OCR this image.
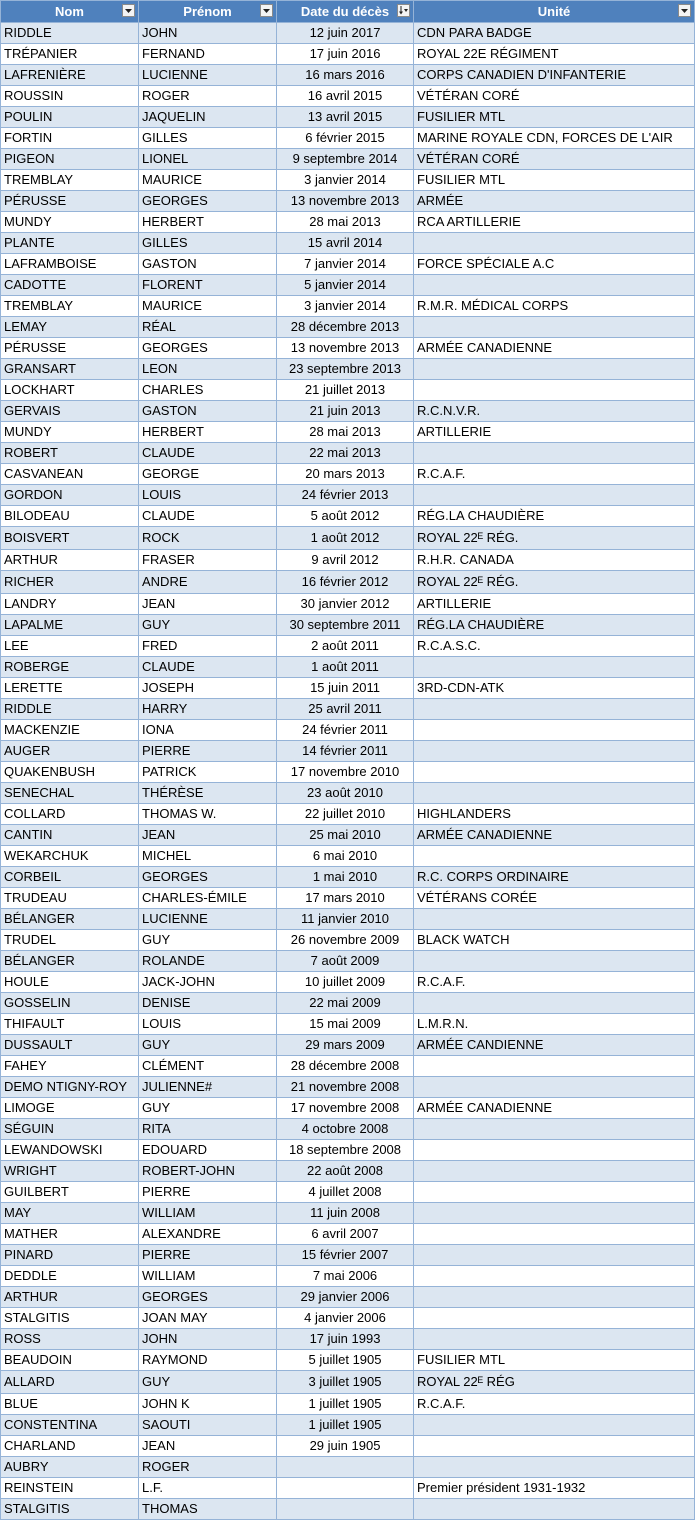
Nom	Prénom	Date du décès	Unité

RIDDLE	JOHN	12 juin 2017	CDN PARA BADGE
TRÉPANIER	FERNAND	17 juin 2016	ROYAL 22E RÉGIMENT
LAFRENIÈRE	LUCIENNE	16 mars 2016	CORPS CANADIEN D'INFANTERIE
ROUSSIN	ROGER	16 avril 2015	VÉTÉRAN CORÉ
POULIN	JAQUELIN	13 avril 2015	FUSILIER MTL
FORTIN	GILLES	6 février 2015	MARINE ROYALE CDN, FORCES DE L'AIR
PIGEON	LIONEL	9 septembre 2014	VÉTÉRAN CORÉ
TREMBLAY	MAURICE	3 janvier 2014	FUSILIER MTL
PÉRUSSE	GEORGES	13 novembre 2013	ARMÉE
MUNDY	HERBERT	28 mai 2013	RCA ARTILLERIE
PLANTE	GILLES	15 avril 2014	
LAFRAMBOISE	GASTON	7 janvier 2014	FORCE SPÉCIALE A.C
CADOTTE	FLORENT	5 janvier 2014	
TREMBLAY	MAURICE	3 janvier 2014	R.M.R. MÉDICAL CORPS
LEMAY	RÉAL	28 décembre 2013	
PÉRUSSE	GEORGES	13 novembre 2013	ARMÉE CANADIENNE
GRANSART	LEON	23 septembre 2013	
LOCKHART	CHARLES	21 juillet 2013	
GERVAIS	GASTON	21 juin 2013	R.C.N.V.R.
MUNDY	HERBERT	28 mai 2013	ARTILLERIE
ROBERT	CLAUDE	22 mai 2013	
CASVANEAN	GEORGE	20 mars 2013	R.C.A.F.
GORDON	LOUIS	24 février 2013	
BILODEAU	CLAUDE	5 août 2012	RÉG.LA CHAUDIÈRE
BOISVERT	ROCK	1 août 2012	ROYAL 22ᴱ RÉG.
ARTHUR	FRASER	9 avril 2012	R.H.R. CANADA
RICHER	ANDRE	16 février 2012	ROYAL 22ᴱ RÉG.
LANDRY	JEAN	30 janvier 2012	ARTILLERIE
LAPALME	GUY	30 septembre 2011	RÉG.LA CHAUDIÈRE
LEE	FRED	2 août 2011	R.C.A.S.C.
ROBERGE	CLAUDE	1 août 2011	
LERETTE	JOSEPH	15 juin 2011	3RD-CDN-ATK
RIDDLE	HARRY	25 avril 2011	
MACKENZIE	IONA	24 février 2011	
AUGER	PIERRE	14 février 2011	
QUAKENBUSH	PATRICK	17 novembre 2010	
SENECHAL	THÉRÈSE	23 août 2010	
COLLARD	THOMAS W.	22 juillet 2010	HIGHLANDERS
CANTIN	JEAN	25 mai 2010	ARMÉE CANADIENNE
WEKARCHUK	MICHEL	6 mai 2010	
CORBEIL	GEORGES	1 mai 2010	R.C. CORPS ORDINAIRE
TRUDEAU	CHARLES-ÉMILE	17 mars 2010	VÉTÉRANS CORÉE
BÉLANGER	LUCIENNE	11 janvier 2010	
TRUDEL	GUY	26 novembre 2009	BLACK WATCH
BÉLANGER	ROLANDE	7 août 2009	
HOULE	JACK-JOHN	10 juillet 2009	R.C.A.F.
GOSSELIN	DENISE	22 mai 2009	
THIFAULT	LOUIS	15 mai 2009	L.M.R.N.
DUSSAULT	GUY	29 mars 2009	ARMÉE CANDIENNE
FAHEY	CLÉMENT	28 décembre 2008	
DEMO NTIGNY-ROY	JULIENNE#	21 novembre 2008	
LIMOGE	GUY	17 novembre 2008	ARMÉE CANADIENNE
SÉGUIN	RITA	4 octobre 2008	
LEWANDOWSKI	EDOUARD	18 septembre 2008	
WRIGHT	ROBERT-JOHN	22 août 2008	
GUILBERT	PIERRE	4 juillet 2008	
MAY	WILLIAM	11 juin 2008	
MATHER	ALEXANDRE	6 avril 2007	
PINARD	PIERRE	15 février 2007	
DEDDLE	WILLIAM	7 mai 2006	
ARTHUR	GEORGES	29 janvier 2006	
STALGITIS	JOAN MAY	4 janvier 2006	
ROSS	JOHN	17 juin 1993	
BEAUDOIN	RAYMOND	5 juillet 1905	FUSILIER MTL
ALLARD	GUY	3 juillet 1905	ROYAL 22ᴱ RÉG
BLUE	JOHN K	1 juillet 1905	R.C.A.F.
CONSTENTINA	SAOUTI	1 juillet 1905	
CHARLAND	JEAN	29 juin 1905	
AUBRY	ROGER		
REINSTEIN	L.F.		Premier président 1931-1932
STALGITIS	THOMAS		
